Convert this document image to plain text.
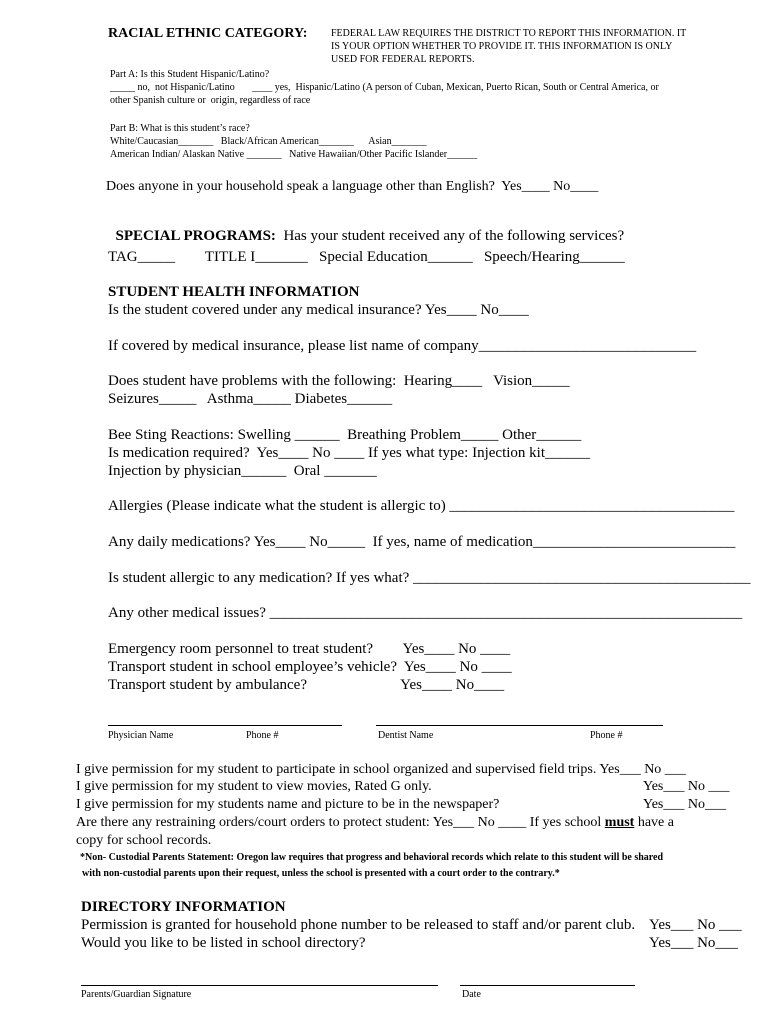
RACIAL ETHNIC CATEGORY: FEDERAL LAW REQUIRES THE DISTRICT TO REPORT THIS INFORMATION. IT
IS YOUR OPTION WHETHER TO PROVIDE IT. THIS INFORMATION IS ONLY
USED FOR FEDERAL REPORTS.
Part A: Is this Student Hispanic/Latino?
_____ no,  not Hispanic/Latino       ____ yes,  Hispanic/Latino (A person of Cuban, Mexican, Puerto Rican, South or Central America, or
other Spanish culture or  origin, regardless of race
Part B: What is this student’s race?
White/Caucasian_______   Black/African American_______      Asian_______
American Indian/ Alaskan Native _______   Native Hawaiian/Other Pacific Islander______
Does anyone in your household speak a language other than English?  Yes____ No____

SPECIAL PROGRAMS:  Has your student received any of the following services?

TAG_____        TITLE I_______   Special Education______   Speech/Hearing______
STUDENT HEALTH INFORMATION
Is the student covered under any medical insurance? Yes____ No____
If covered by medical insurance, please list name of company_____________________________
Does student have problems with the following:  Hearing____   Vision_____
Seizures_____   Asthma_____ Diabetes______
Bee Sting Reactions: Swelling ______  Breathing Problem_____ Other______
Is medication required?  Yes____ No ____ If yes what type: Injection kit______
Injection by physician______  Oral _______
Allergies (Please indicate what the student is allergic to) ______________________________________
Any daily medications? Yes____ No_____  If yes, name of medication___________________________
Is student allergic to any medication? If yes what? _____________________________________________
Any other medical issues? _______________________________________________________________
Emergency room personnel to treat student?        Yes____ No ____
Transport student in school employee’s vehicle?  Yes____ No ____
Transport student by ambulance?                         Yes____ No____
Physician Name	Phone #	Dentist Name	Phone #
I give permission for my student to participate in school organized and supervised field trips. Yes___ No ___
I give permission for my student to view movies, Rated G only.	Yes___ No ___
I give permission for my students name and picture to be in the newspaper?	Yes___ No___
Are there any restraining orders/court orders to protect student: Yes___ No ____ If yes school must have a
copy for school records.
*Non- Custodial Parents Statement: Oregon law requires that progress and behavioral records which relate to this student will be shared
with non-custodial parents upon their request, unless the school is presented with a court order to the contrary.*
DIRECTORY INFORMATION
Permission is granted for household phone number to be released to staff and/or parent club. Yes___ No ___
Would you like to be listed in school directory?	Yes___ No___
Parents/Guardian Signature	Date
